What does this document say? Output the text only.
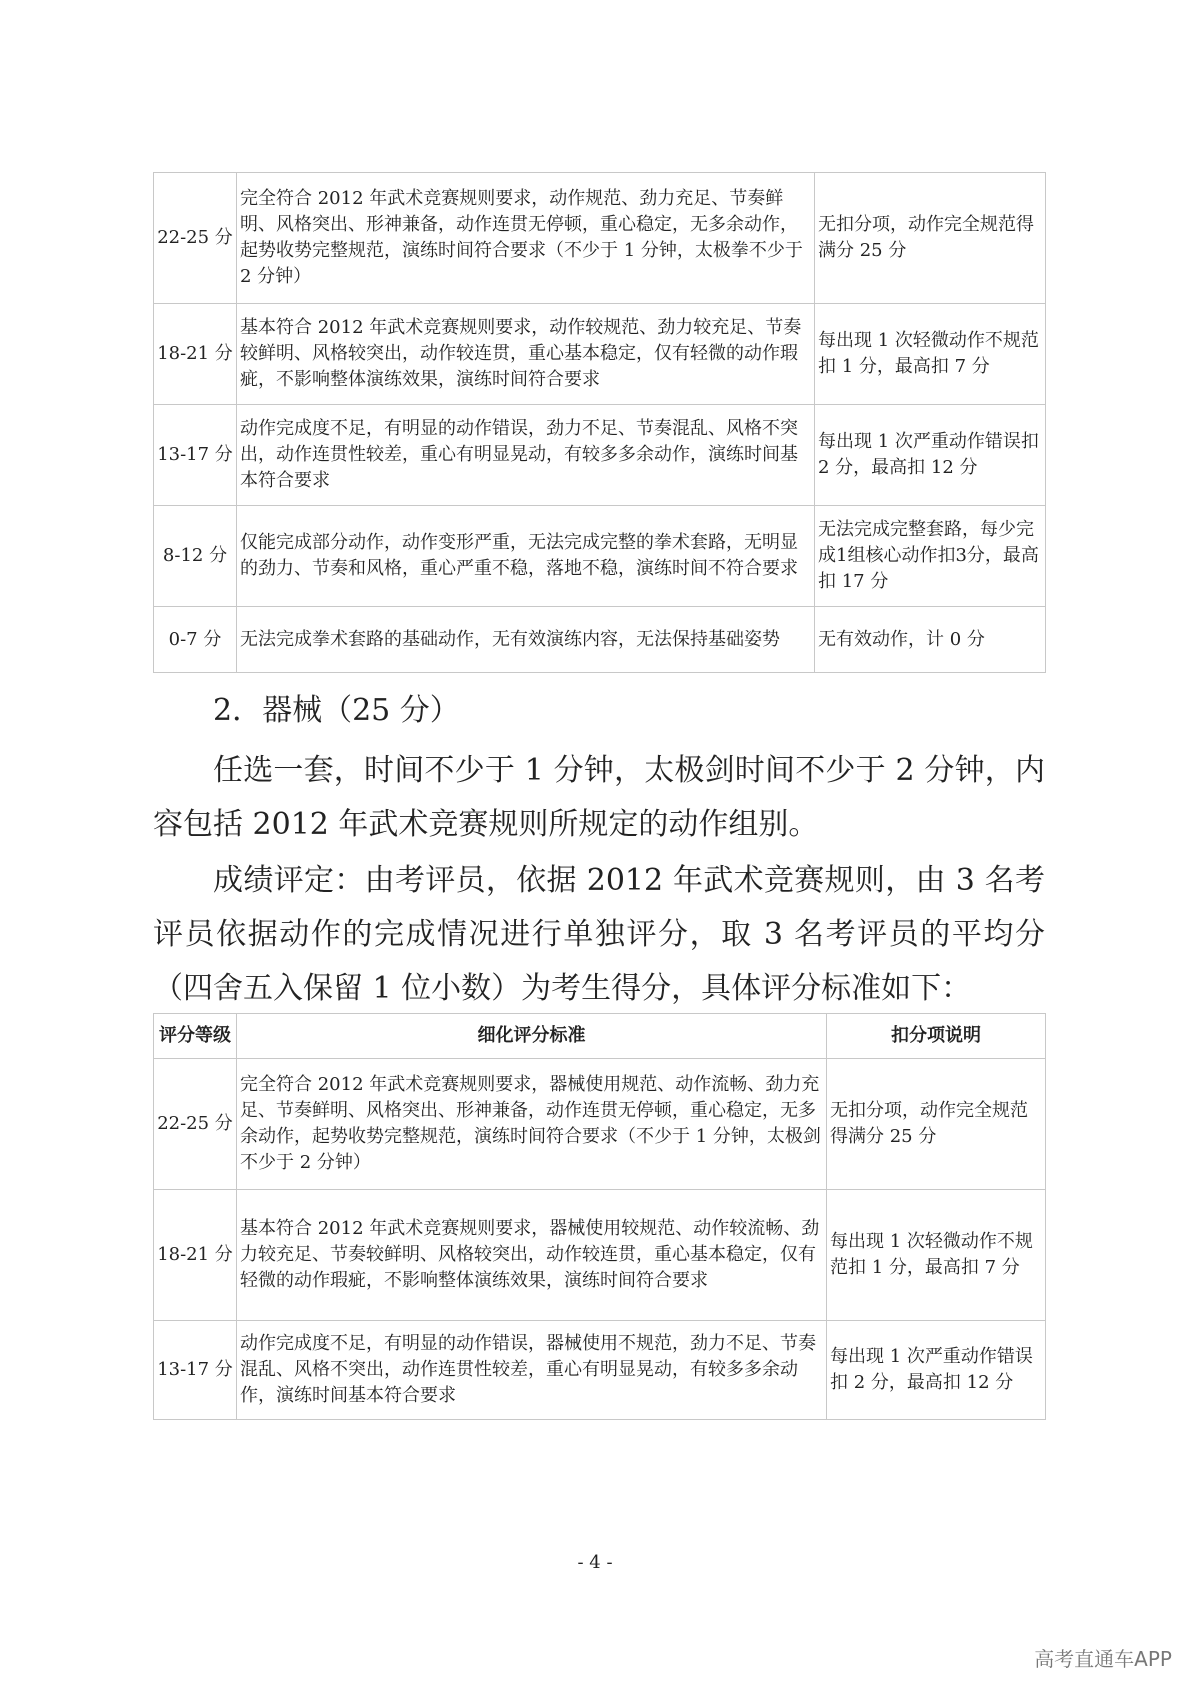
22-25 分	完全符合 2012 年武术竞赛规则要求，动作规范、劲力充足、节奏鲜明、风格突出、形神兼备，动作连贯无停顿，重心稳定，无多余动作，起势收势完整规范，演练时间符合要求（不少于 1 分钟，太极拳不少于 2 分钟）	无扣分项，动作完全规范得满分 25 分
18-21 分	基本符合 2012 年武术竞赛规则要求，动作较规范、劲力较充足、节奏较鲜明、风格较突出，动作较连贯，重心基本稳定，仅有轻微的动作瑕疵，不影响整体演练效果，演练时间符合要求	每出现 1 次轻微动作不规范扣 1 分，最高扣 7 分
13-17 分	动作完成度不足，有明显的动作错误，劲力不足、节奏混乱、风格不突出，动作连贯性较差，重心有明显晃动，有较多多余动作，演练时间基本符合要求	每出现 1 次严重动作错误扣 2 分，最高扣 12 分
8-12 分	仅能完成部分动作，动作变形严重，无法完成完整的拳术套路，无明显的劲力、节奏和风格，重心严重不稳，落地不稳，演练时间不符合要求	无法完成完整套路，每少完成1组核心动作扣3分，最高扣 17 分
0-7 分	无法完成拳术套路的基础动作，无有效演练内容，无法保持基础姿势	无有效动作，计 0 分

2．器械（25 分）

任选一套，时间不少于 1 分钟，太极剑时间不少于 2 分钟，内容包括 2012 年武术竞赛规则所规定的动作组别。

成绩评定：由考评员，依据 2012 年武术竞赛规则，由 3 名考评员依据动作的完成情况进行单独评分，取 3 名考评员的平均分（四舍五入保留 1 位小数）为考生得分，具体评分标准如下：

评分等级	细化评分标准	扣分项说明
22-25 分	完全符合 2012 年武术竞赛规则要求，器械使用规范、动作流畅、劲力充足、节奏鲜明、风格突出、形神兼备，动作连贯无停顿，重心稳定，无多余动作，起势收势完整规范，演练时间符合要求（不少于 1 分钟，太极剑不少于 2 分钟）	无扣分项，动作完全规范得满分 25 分
18-21 分	基本符合 2012 年武术竞赛规则要求，器械使用较规范、动作较流畅、劲力较充足、节奏较鲜明、风格较突出，动作较连贯，重心基本稳定，仅有轻微的动作瑕疵，不影响整体演练效果，演练时间符合要求	每出现 1 次轻微动作不规范扣 1 分，最高扣 7 分
13-17 分	动作完成度不足，有明显的动作错误，器械使用不规范，劲力不足、节奏混乱、风格不突出，动作连贯性较差，重心有明显晃动，有较多多余动作，演练时间基本符合要求	每出现 1 次严重动作错误扣 2 分，最高扣 12 分
- 4 -
高考直通车APP
